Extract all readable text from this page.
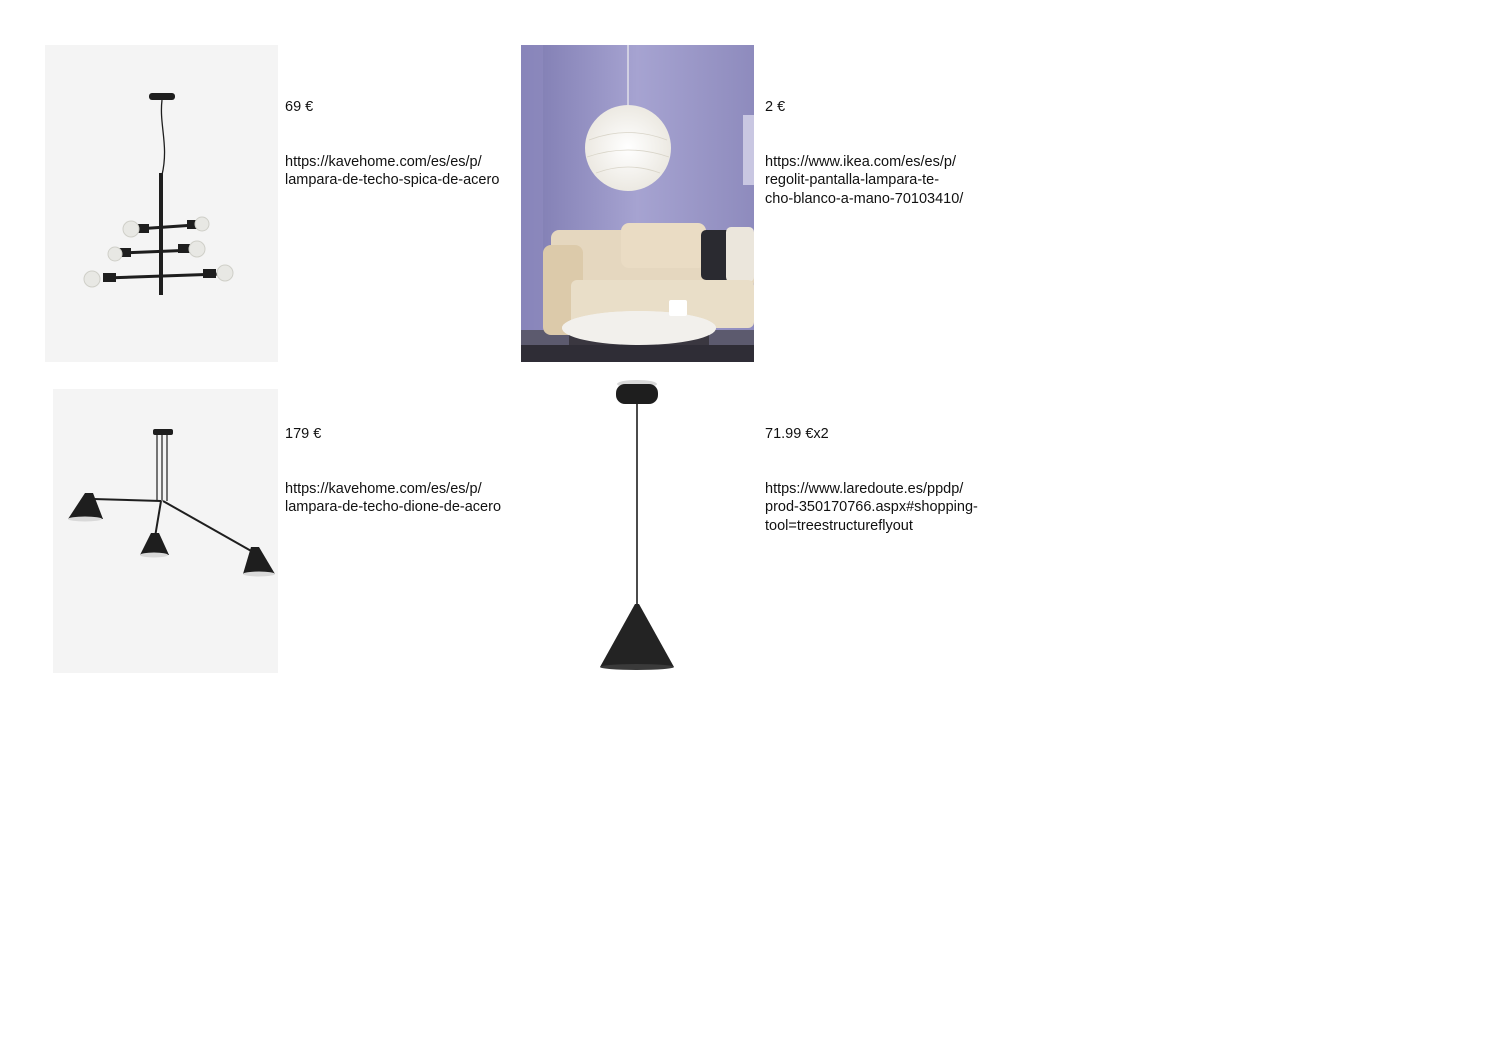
69 €

https://kavehome.com/es/es/p/
lampara-de-techo-spica-de-acero

2 €

https://www.ikea.com/es/es/p/
regolit-pantalla-lampara-te-
cho-blanco-a-mano-70103410/

179 €

https://kavehome.com/es/es/p/
lampara-de-techo-dione-de-acero

71.99 €x2

https://www.laredoute.es/ppdp/
prod-350170766.aspx#shopping-
tool=treestructureflyout
